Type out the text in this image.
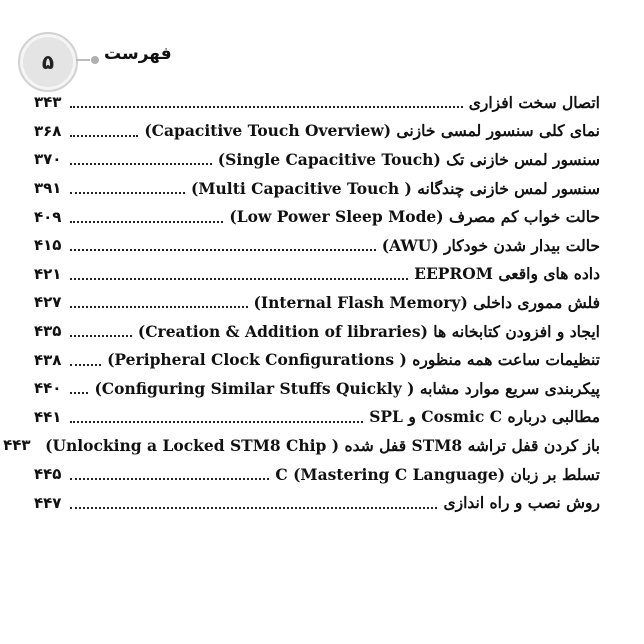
۵	فهرست
اتصال سخت افزاری
۳۴۳
نمای کلی سنسور لمسی خازنی (Capacitive Touch Overview)
۳۶۸
سنسور لمس خازنی تک (Single Capacitive Touch)
۳۷۰
سنسور لمس خازنی چندگانه ( Multi Capacitive Touch)
۳۹۱
حالت خواب کم مصرف (Low Power Sleep Mode)
۴۰۹
حالت بیدار شدن خودکار (AWU)
۴۱۵
داده های واقعی EEPROM
۴۲۱
فلش مموری داخلی (Internal Flash Memory)
۴۲۷
ایجاد و افزودن کتابخانه ها (Creation & Addition of libraries)
۴۳۵
تنظیمات ساعت همه منظوره ( Peripheral Clock Configurations)
۴۳۸
پیکربندی سریع موارد مشابه ( Configuring Similar Stuffs Quickly)
۴۴۰
مطالبی درباره Cosmic C و SPL
۴۴۱
باز کردن قفل تراشه STM8 قفل شده ( Unlocking a Locked STM8 Chip)
۴۴۳
تسلط بر زبان C (Mastering C Language)
۴۴۵
روش نصب و راه اندازی
۴۴۷
